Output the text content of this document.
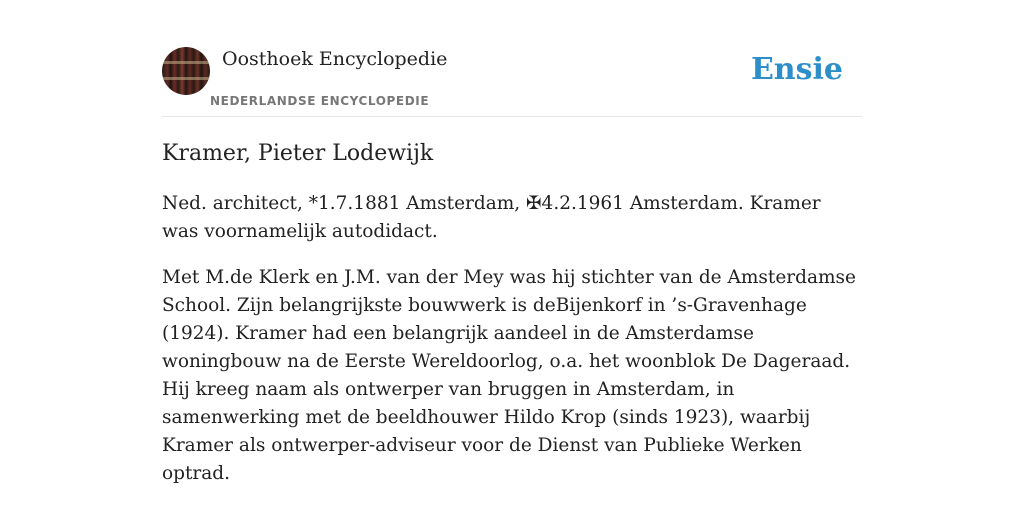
Oosthoek Encyclopedie
NEDERLANDSE ENCYCLOPEDIE
Ensie
Kramer, Pieter Lodewijk

Ned. architect, *1.7.1881 Amsterdam, ✠4.2.1961 Amsterdam. Kramer was voornamelijk autodidact.

Met M.de Klerk en J.M. van der Mey was hij stichter van de Amsterdamse School. Zijn belangrijkste bouwwerk is deBijenkorf in ’s-Gravenhage (1924). Kramer had een belangrijk aandeel in de Amsterdamse woningbouw na de Eerste Wereldoorlog, o.a. het woonblok De Dageraad. Hij kreeg naam als ontwerper van bruggen in Amsterdam, in samenwerking met de beeldhouwer Hildo Krop (sinds 1923), waarbij Kramer als ontwerper-adviseur voor de Dienst van Publieke Werken optrad.
